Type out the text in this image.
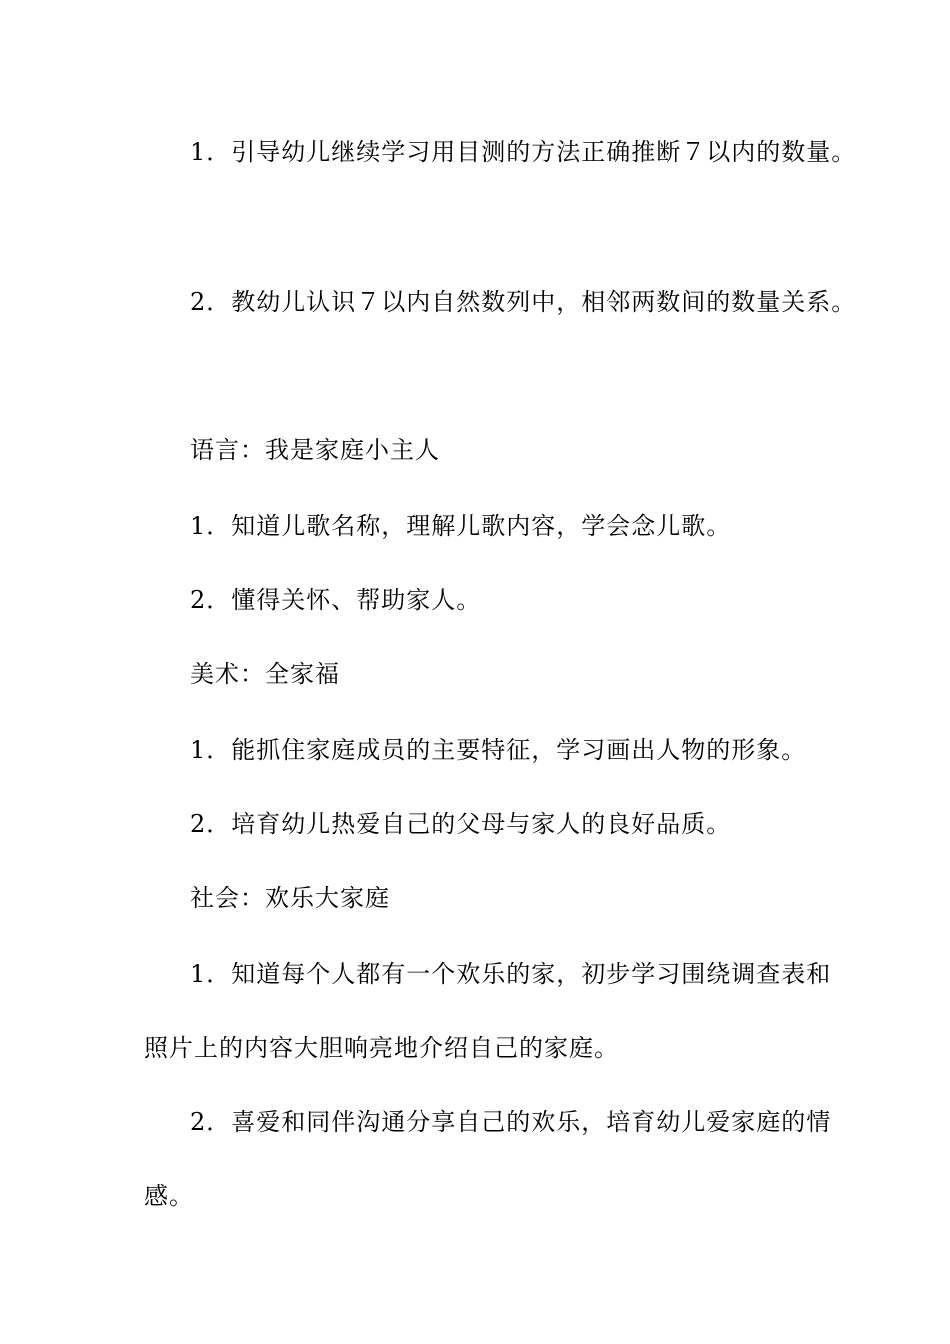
1．引导幼儿继续学习用目测的方法正确推断７以内的数量。
2．教幼儿认识７以内自然数列中，相邻两数间的数量关系。
语言：我是家庭小主人
1．知道儿歌名称，理解儿歌内容，学会念儿歌。
2．懂得关怀、帮助家人。
美术：全家福
1．能抓住家庭成员的主要特征，学习画出人物的形象。
2．培育幼儿热爱自己的父母与家人的良好品质。
社会：欢乐大家庭
1．知道每个人都有一个欢乐的家，初步学习围绕调查表和
照片上的内容大胆响亮地介绍自己的家庭。
2．喜爱和同伴沟通分享自己的欢乐，培育幼儿爱家庭的情
感。
